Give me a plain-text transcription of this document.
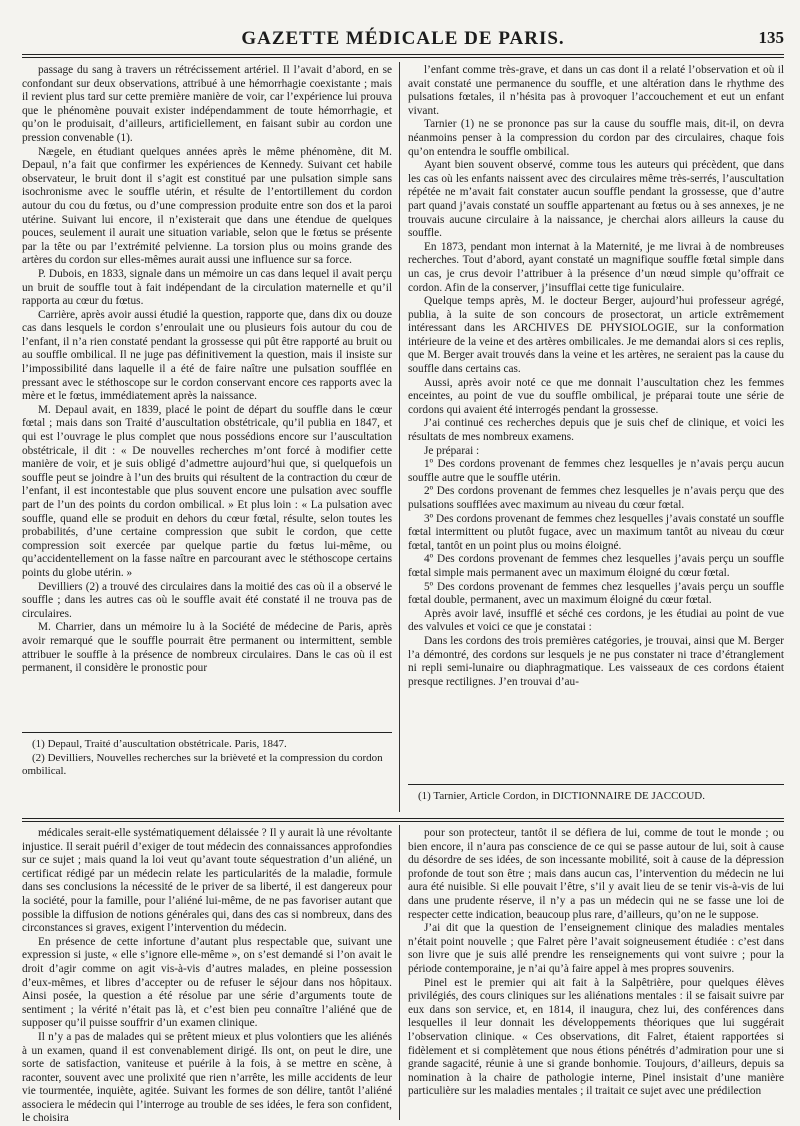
GAZETTE MÉDICALE DE PARIS.	135

passage du sang à travers un rétrécissement artériel. Il l’avait d’abord, en se confondant sur deux observations, attribué à une hémorrhagie coexistante ; mais il revient plus tard sur cette première manière de voir, car l’expérience lui prouva que le phénomène pouvait exister indépendamment de toute hémorrhagie, et qu’on le produisait, d’ailleurs, artificiellement, en faisant subir au cordon une pression convenable (1).

Nægele, en étudiant quelques années après le même phénomène, dit M. Depaul, n’a fait que confirmer les expériences de Kennedy. Suivant cet habile observateur, le bruit dont il s’agit est constitué par une pulsation simple sans isochronisme avec le souffle utérin, et résulte de l’entortillement du cordon autour du cou du fœtus, ou d’une compression produite entre son dos et la paroi utérine. Suivant lui encore, il n’existerait que dans une étendue de quelques pouces, seulement il aurait une situation variable, selon que le fœtus se présente par la tête ou par l’extrémité pelvienne. La torsion plus ou moins grande des artères du cordon sur elles-mêmes aurait aussi une influence sur sa force.

P. Dubois, en 1833, signale dans un mémoire un cas dans lequel il avait perçu un bruit de souffle tout à fait indépendant de la circulation maternelle et qu’il rapporta au cœur du fœtus.

Carrière, après avoir aussi étudié la question, rapporte que, dans dix ou douze cas dans lesquels le cordon s’enroulait une ou plusieurs fois autour du cou de l’enfant, il n’a rien constaté pendant la grossesse qui pût être rapporté au bruit ou au souffle ombilical. Il ne juge pas définitivement la question, mais il insiste sur l’impossibilité dans laquelle il a été de faire naître une pulsation soufflée en pressant avec le stéthoscope sur le cordon conservant encore ces rapports avec la mère et le fœtus, immédiatement après la naissance.

M. Depaul avait, en 1839, placé le point de départ du souffle dans le cœur fœtal ; mais dans son Traité d’auscultation obstétricale, qu’il publia en 1847, et qui est l’ouvrage le plus complet que nous possédions encore sur l’auscultation obstétricale, il dit : « De nouvelles recherches m’ont forcé à modifier cette manière de voir, et je suis obligé d’admettre aujourd’hui que, si quelquefois un souffle peut se joindre à l’un des bruits qui résultent de la contraction du cœur de l’enfant, il est incontestable que plus souvent encore une pulsation avec souffle part de l’un des points du cordon ombilical. » Et plus loin : « La pulsation avec souffle, quand elle se produit en dehors du cœur fœtal, résulte, selon toutes les probabilités, d’une certaine compression que subit le cordon, que cette compression soit exercée par quelque partie du fœtus lui-même, ou qu’accidentellement on la fasse naître en parcourant avec le stéthoscope certains points du globe utérin. »

Devilliers (2) a trouvé des circulaires dans la moitié des cas où il a observé le souffle ; dans les autres cas où le souffle avait été constaté il ne trouva pas de circulaires.

M. Charrier, dans un mémoire lu à la Société de médecine de Paris, après avoir remarqué que le souffle pourrait être permanent ou intermittent, semble attribuer le souffle à la présence de nombreux circulaires. Dans le cas où il est permanent, il considère le pronostic pour

l’enfant comme très-grave, et dans un cas dont il a relaté l’observation et où il avait constaté une permanence du souffle, et une altération dans le rhythme des pulsations fœtales, il n’hésita pas à provoquer l’accouchement et eut un enfant vivant.

Tarnier (1) ne se prononce pas sur la cause du souffle mais, dit-il, on devra néanmoins penser à la compression du cordon par des circulaires, chaque fois qu’on entendra le souffle ombilical.

Ayant bien souvent observé, comme tous les auteurs qui précèdent, que dans les cas où les enfants naissent avec des circulaires même très-serrés, l’auscultation répétée ne m’avait fait constater aucun souffle pendant la grossesse, que d’autre part quand j’avais constaté un souffle appartenant au fœtus ou à ses annexes, je ne trouvais aucune circulaire à la naissance, je cherchai alors ailleurs la cause du souffle.

En 1873, pendant mon internat à la Maternité, je me livrai à de nombreuses recherches. Tout d’abord, ayant constaté un magnifique souffle fœtal simple dans un cas, je crus devoir l’attribuer à la présence d’un nœud simple qu’offrait ce cordon. Afin de la conserver, j’insufflai cette tige funiculaire.

Quelque temps après, M. le docteur Berger, aujourd’hui professeur agrégé, publia, à la suite de son concours de prosectorat, un article extrêmement intéressant dans les ARCHIVES DE PHYSIOLOGIE, sur la conformation intérieure de la veine et des artères ombilicales. Je me demandai alors si ces replis, que M. Berger avait trouvés dans la veine et les artères, ne seraient pas la cause du souffle dans certains cas.

Aussi, après avoir noté ce que me donnait l’auscultation chez les femmes enceintes, au point de vue du souffle ombilical, je préparai toute une série de cordons qui avaient été interrogés pendant la grossesse.

J’ai continué ces recherches depuis que je suis chef de clinique, et voici les résultats de mes nombreux examens.

Je préparai :

1º Des cordons provenant de femmes chez lesquelles je n’avais perçu aucun souffle autre que le souffle utérin.

2º Des cordons provenant de femmes chez lesquelles je n’avais perçu que des pulsations soufflées avec maximum au niveau du cœur fœtal.

3º Des cordons provenant de femmes chez lesquelles j’avais constaté un souffle fœtal intermittent ou plutôt fugace, avec un maximum tantôt au niveau du cœur fœtal, tantôt en un point plus ou moins éloigné.

4º Des cordons provenant de femmes chez lesquelles j’avais perçu un souffle fœtal simple mais permanent avec un maximum éloigné du cœur fœtal.

5º Des cordons provenant de femmes chez lesquelles j’avais perçu un souffle fœtal double, permanent, avec un maximum éloigné du cœur fœtal.

Après avoir lavé, insufflé et séché ces cordons, je les étudiai au point de vue des valvules et voici ce que je constatai :

Dans les cordons des trois premières catégories, je trouvai, ainsi que M. Berger l’a démontré, des cordons sur lesquels je ne pus constater ni trace d’étranglement ni repli semi-lunaire ou diaphragmatique. Les vaisseaux de ces cordons étaient presque rectilignes. J’en trouvai d’au-

(1) Depaul, Traité d’auscultation obstétricale. Paris, 1847.

(2) Devilliers, Nouvelles recherches sur la brièveté et la compression du cordon ombilical.

(1) Tarnier, Article Cordon, in DICTIONNAIRE DE JACCOUD.

médicales serait-elle systématiquement délaissée ? Il y aurait là une révoltante injustice. Il serait puéril d’exiger de tout médecin des connaissances approfondies sur ce sujet ; mais quand la loi veut qu’avant toute séquestration d’un aliéné, un certificat rédigé par un médecin relate les particularités de la maladie, formule dans ses conclusions la nécessité de le priver de sa liberté, il est dangereux pour la société, pour la famille, pour l’aliéné lui-même, de ne pas favoriser autant que possible la diffusion de notions générales qui, dans des cas si nombreux, dans des circonstances si graves, exigent l’intervention du médecin.

En présence de cette infortune d’autant plus respectable que, suivant une expression si juste, « elle s’ignore elle-même », on s’est demandé si l’on avait le droit d’agir comme on agit vis-à-vis d’autres malades, en pleine possession d’eux-mêmes, et libres d’accepter ou de refuser le séjour dans nos hôpitaux. Ainsi posée, la question a été résolue par une série d’arguments toute de sentiment ; la vérité n’était pas là, et c’est bien peu connaître l’aliéné que de supposer qu’il puisse souffrir d’un examen clinique.

Il n’y a pas de malades qui se prêtent mieux et plus volontiers que les aliénés à un examen, quand il est convenablement dirigé. Ils ont, on peut le dire, une sorte de satisfaction, vaniteuse et puérile à la fois, à se mettre en scène, à raconter, souvent avec une prolixité que rien n’arrête, les mille accidents de leur vie tourmentée, inquiète, agitée. Suivant les formes de son délire, tantôt l’aliéné associera le médecin qui l’interroge au trouble de ses idées, le fera son confident, le choisira

pour son protecteur, tantôt il se défiera de lui, comme de tout le monde ; ou bien encore, il n’aura pas conscience de ce qui se passe autour de lui, soit à cause du désordre de ses idées, de son incessante mobilité, soit à cause de la dépression profonde de tout son être ; mais dans aucun cas, l’intervention du médecin ne lui aura été nuisible. Si elle pouvait l’être, s’il y avait lieu de se tenir vis-à-vis de lui dans une prudente réserve, il n’y a pas un médecin qui ne se fasse une loi de respecter cette indication, beaucoup plus rare, d’ailleurs, qu’on ne le suppose.

J’ai dit que la question de l’enseignement clinique des maladies mentales n’était point nouvelle ; que Falret père l’avait soigneusement étudiée : c’est dans son livre que je suis allé prendre les renseignements qui vont suivre ; pour la période contemporaine, je n’ai qu’à faire appel à mes propres souvenirs.

Pinel est le premier qui ait fait à la Salpêtrière, pour quelques élèves privilégiés, des cours cliniques sur les aliénations mentales : il se faisait suivre par eux dans son service, et, en 1814, il inaugura, chez lui, des conférences dans lesquelles il leur donnait les développements théoriques que lui suggérait l’observation clinique. « Ces observations, dit Falret, étaient rapportées si fidèlement et si complètement que nous étions pénétrés d’admiration pour une si grande sagacité, réunie à une si grande bonhomie. Toujours, d’ailleurs, depuis sa nomination à la chaire de pathologie interne, Pinel insistait d’une manière particulière sur les maladies mentales ; il traitait ce sujet avec une prédilection
